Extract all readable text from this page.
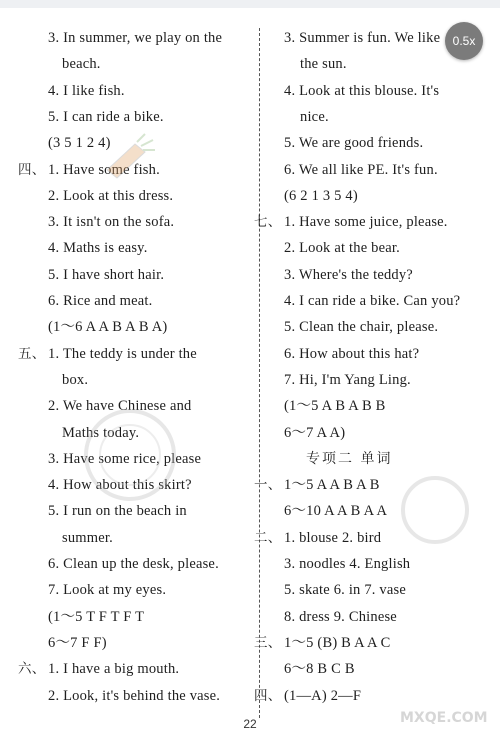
3. In summer, we play on the
beach.
4. I like fish.
5. I can ride a bike.
(3 5 1 2 4)
四、 1. Have some fish.
2. Look at this dress.
3. It isn't on the sofa.
4. Maths is easy.
5. I have short hair.
6. Rice and meat.
(1～6 A A B A B A)
五、 1. The teddy is under the
box.
2. We have Chinese and
Maths today.
3. Have some rice, please
4. How about this skirt?
5. I run on the beach in
summer.
6. Clean up the desk, please.
7. Look at my eyes.
(1～5 T F T F T
6～7 F F)
六、 1. I have a big mouth.
2. Look, it's behind the vase.
3. Summer is fun. We like
the sun.
4. Look at this blouse. It's
nice.
5. We are good friends.
6. We all like PE. It's fun.
(6 2 1 3 5 4)
七、 1. Have some juice, please.
2. Look at the bear.
3. Where's the teddy?
4. I can ride a bike. Can you?
5. Clean the chair, please.
6. How about this hat?
7. Hi, I'm Yang Ling.
(1～5 A B A B B
6～7 A A)
专项二 单词
一、 1～5 A A B A B
6～10 A A B A A
二、 1. blouse 2. bird
3. noodles 4. English
5. skate 6. in 7. vase
8. dress 9. Chinese
三、 1～5 (B) B A A C
6～8 B C B
四、 (1—A) 2—F
0.5x
MXQE.COM
22
